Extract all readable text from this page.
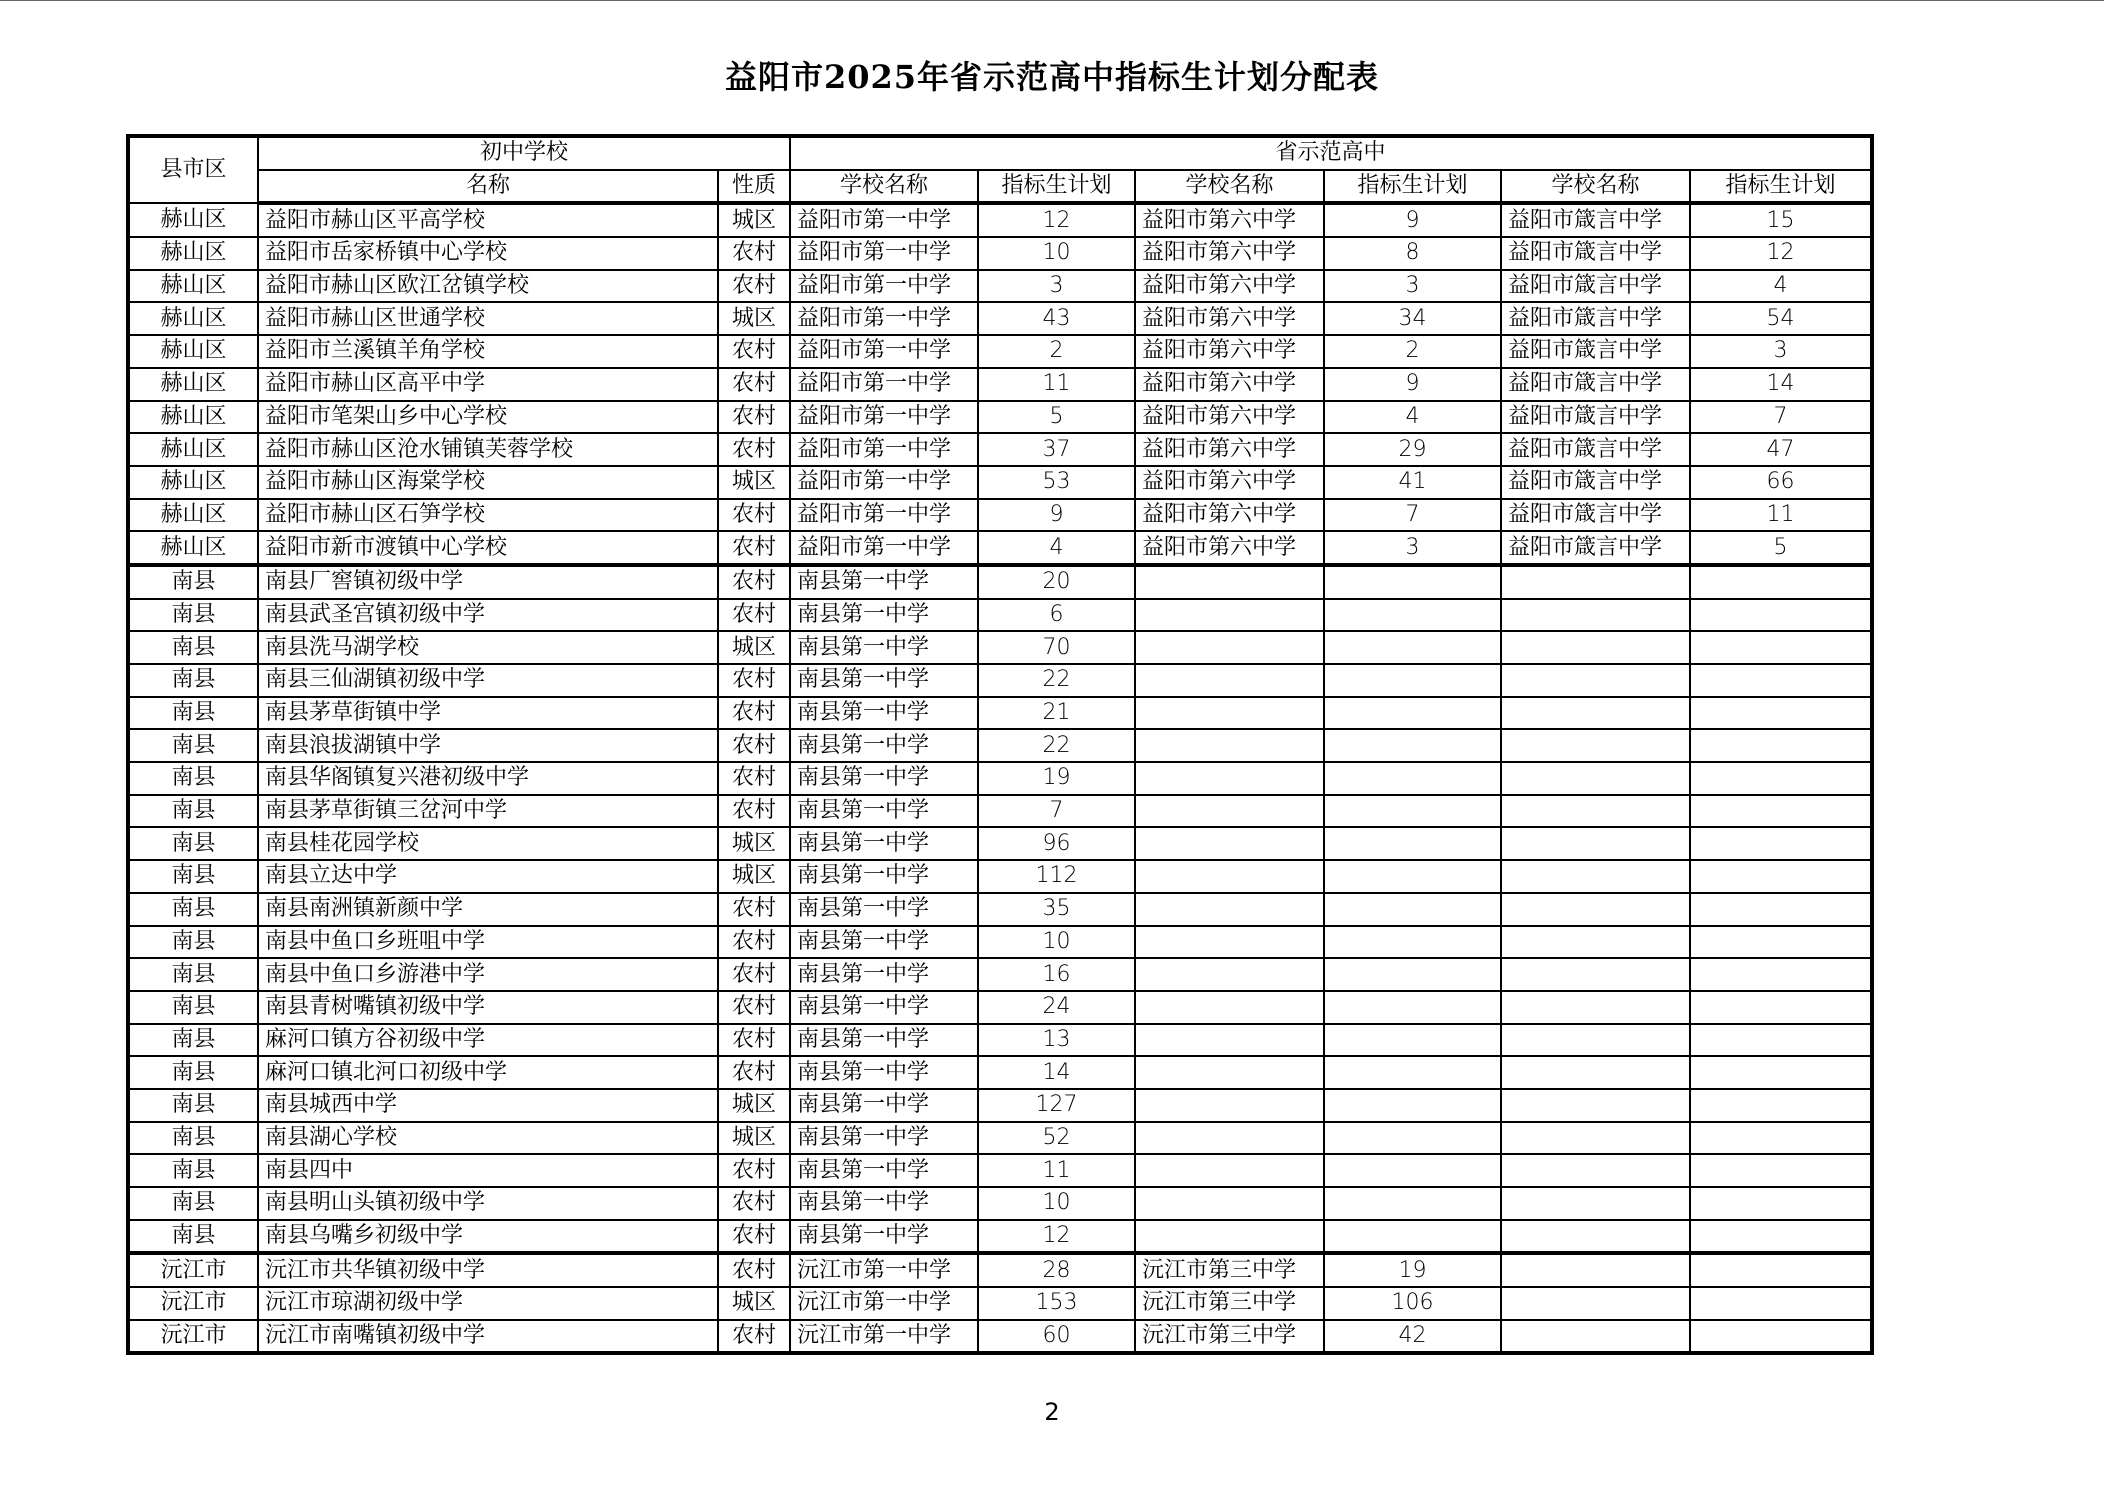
益阳市2025年省示范高中指标生计划分配表
县市区	初中学校		省示范高中					
	名称	性质	学校名称	指标生计划	学校名称	指标生计划	学校名称	指标生计划
赫山区	益阳市赫山区平高学校	城区	益阳市第一中学	12	益阳市第六中学	9	益阳市箴言中学	15
赫山区	益阳市岳家桥镇中心学校	农村	益阳市第一中学	10	益阳市第六中学	8	益阳市箴言中学	12
赫山区	益阳市赫山区欧江岔镇学校	农村	益阳市第一中学	3	益阳市第六中学	3	益阳市箴言中学	4
赫山区	益阳市赫山区世通学校	城区	益阳市第一中学	43	益阳市第六中学	34	益阳市箴言中学	54
赫山区	益阳市兰溪镇羊角学校	农村	益阳市第一中学	2	益阳市第六中学	2	益阳市箴言中学	3
赫山区	益阳市赫山区高平中学	农村	益阳市第一中学	11	益阳市第六中学	9	益阳市箴言中学	14
赫山区	益阳市笔架山乡中心学校	农村	益阳市第一中学	5	益阳市第六中学	4	益阳市箴言中学	7
赫山区	益阳市赫山区沧水铺镇芙蓉学校	农村	益阳市第一中学	37	益阳市第六中学	29	益阳市箴言中学	47
赫山区	益阳市赫山区海棠学校	城区	益阳市第一中学	53	益阳市第六中学	41	益阳市箴言中学	66
赫山区	益阳市赫山区石笋学校	农村	益阳市第一中学	9	益阳市第六中学	7	益阳市箴言中学	11
赫山区	益阳市新市渡镇中心学校	农村	益阳市第一中学	4	益阳市第六中学	3	益阳市箴言中学	5
南县	南县厂窖镇初级中学	农村	南县第一中学	20				
南县	南县武圣宫镇初级中学	农村	南县第一中学	6				
南县	南县洗马湖学校	城区	南县第一中学	70				
南县	南县三仙湖镇初级中学	农村	南县第一中学	22				
南县	南县茅草街镇中学	农村	南县第一中学	21				
南县	南县浪拔湖镇中学	农村	南县第一中学	22				
南县	南县华阁镇复兴港初级中学	农村	南县第一中学	19				
南县	南县茅草街镇三岔河中学	农村	南县第一中学	7				
南县	南县桂花园学校	城区	南县第一中学	96				
南县	南县立达中学	城区	南县第一中学	112				
南县	南县南洲镇新颜中学	农村	南县第一中学	35				
南县	南县中鱼口乡班咀中学	农村	南县第一中学	10				
南县	南县中鱼口乡游港中学	农村	南县第一中学	16				
南县	南县青树嘴镇初级中学	农村	南县第一中学	24				
南县	麻河口镇方谷初级中学	农村	南县第一中学	13				
南县	麻河口镇北河口初级中学	农村	南县第一中学	14				
南县	南县城西中学	城区	南县第一中学	127				
南县	南县湖心学校	城区	南县第一中学	52				
南县	南县四中	农村	南县第一中学	11				
南县	南县明山头镇初级中学	农村	南县第一中学	10				
南县	南县乌嘴乡初级中学	农村	南县第一中学	12				
沅江市	沅江市共华镇初级中学	农村	沅江市第一中学	28	沅江市第三中学	19		
沅江市	沅江市琼湖初级中学	城区	沅江市第一中学	153	沅江市第三中学	106		
沅江市	沅江市南嘴镇初级中学	农村	沅江市第一中学	60	沅江市第三中学	42		
2
